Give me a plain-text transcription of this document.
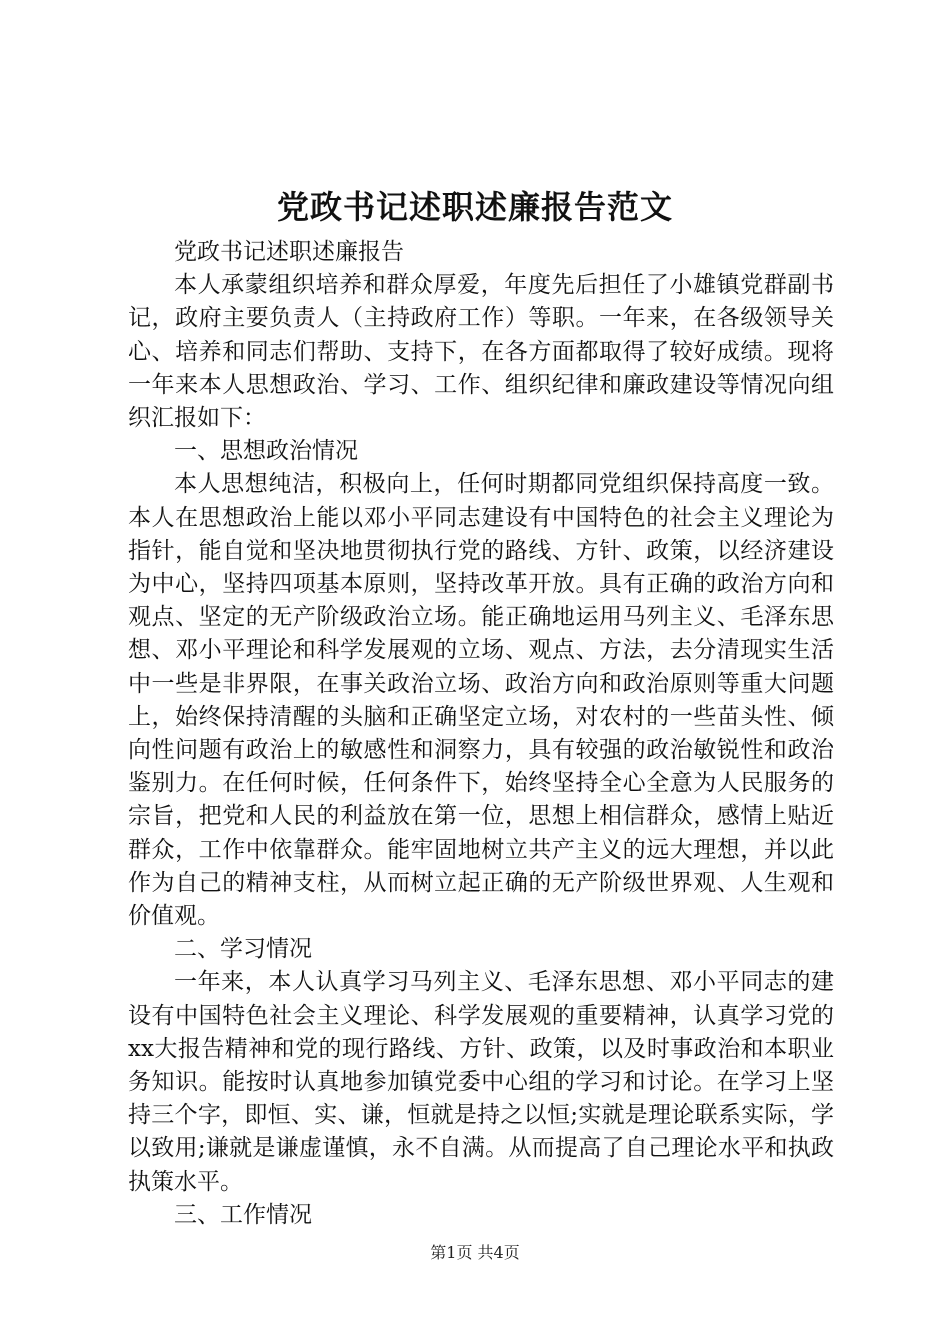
党政书记述职述廉报告范文

党政书记述职述廉报告

本人承蒙组织培养和群众厚爱，年度先后担任了小雄镇党群副书记，政府主要负责人（主持政府工作）等职。一年来，在各级领导关心、培养和同志们帮助、支持下，在各方面都取得了较好成绩。现将一年来本人思想政治、学习、工作、组织纪律和廉政建设等情况向组织汇报如下：

一、思想政治情况

本人思想纯洁，积极向上，任何时期都同党组织保持高度一致。本人在思想政治上能以邓小平同志建设有中国特色的社会主义理论为指针，能自觉和坚决地贯彻执行党的路线、方针、政策，以经济建设为中心，坚持四项基本原则，坚持改革开放。具有正确的政治方向和观点、坚定的无产阶级政治立场。能正确地运用马列主义、毛泽东思想、邓小平理论和科学发展观的立场、观点、方法，去分清现实生活中一些是非界限，在事关政治立场、政治方向和政治原则等重大问题上，始终保持清醒的头脑和正确坚定立场，对农村的一些苗头性、倾向性问题有政治上的敏感性和洞察力，具有较强的政治敏锐性和政治鉴别力。在任何时候，任何条件下，始终坚持全心全意为人民服务的宗旨，把党和人民的利益放在第一位，思想上相信群众，感情上贴近群众，工作中依靠群众。能牢固地树立共产主义的远大理想，并以此作为自己的精神支柱，从而树立起正确的无产阶级世界观、人生观和价值观。

二、学习情况

一年来，本人认真学习马列主义、毛泽东思想、邓小平同志的建设有中国特色社会主义理论、科学发展观的重要精神，认真学习党的xx大报告精神和党的现行路线、方针、政策，以及时事政治和本职业务知识。能按时认真地参加镇党委中心组的学习和讨论。在学习上坚持三个字，即恒、实、谦，恒就是持之以恒;实就是理论联系实际，学以致用;谦就是谦虚谨慎，永不自满。从而提高了自己理论水平和执政执策水平。

三、工作情况

第1页 共4页
